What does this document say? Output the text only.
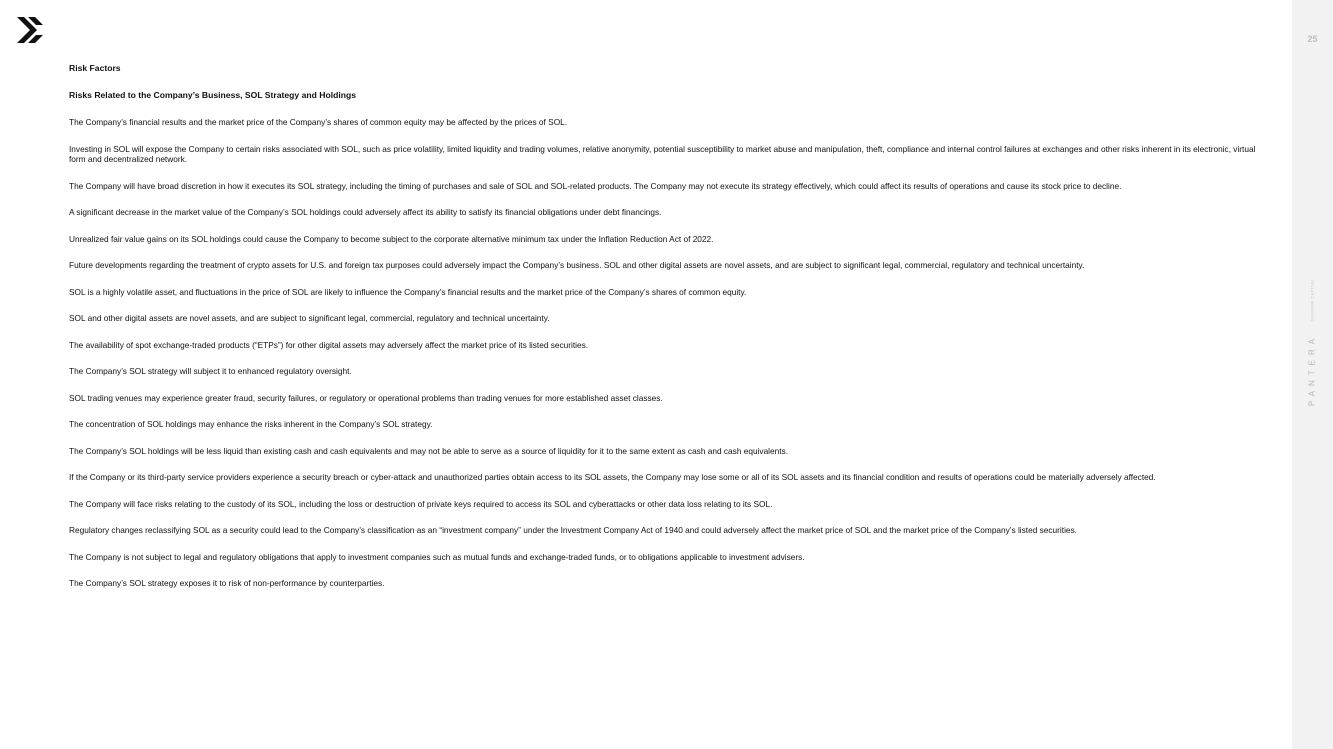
25
SUMMER CAPITAL
PANTERA

Risk Factors

Risks Related to the Company’s Business, SOL Strategy and Holdings

The Company’s financial results and the market price of the Company’s shares of common equity may be affected by the prices of SOL.

Investing in SOL will expose the Company to certain risks associated with SOL, such as price volatility, limited liquidity and trading volumes, relative anonymity, potential susceptibility to market abuse and manipulation, theft, compliance and internal control failures at exchanges and other risks inherent in its electronic, virtual form and decentralized network.

The Company will have broad discretion in how it executes its SOL strategy, including the timing of purchases and sale of SOL and SOL-related products. The Company may not execute its strategy effectively, which could affect its results of operations and cause its stock price to decline.

A significant decrease in the market value of the Company’s SOL holdings could adversely affect its ability to satisfy its financial obligations under debt financings.

Unrealized fair value gains on its SOL holdings could cause the Company to become subject to the corporate alternative minimum tax under the Inflation Reduction Act of 2022.

Future developments regarding the treatment of crypto assets for U.S. and foreign tax purposes could adversely impact the Company’s business. SOL and other digital assets are novel assets, and are subject to significant legal, commercial, regulatory and technical uncertainty.

SOL is a highly volatile asset, and fluctuations in the price of SOL are likely to influence the Company’s financial results and the market price of the Company’s shares of common equity.

SOL and other digital assets are novel assets, and are subject to significant legal, commercial, regulatory and technical uncertainty.

The availability of spot exchange-traded products (“ETPs”) for other digital assets may adversely affect the market price of its listed securities.

The Company’s SOL strategy will subject it to enhanced regulatory oversight.

SOL trading venues may experience greater fraud, security failures, or regulatory or operational problems than trading venues for more established asset classes.

The concentration of SOL holdings may enhance the risks inherent in the Company’s SOL strategy.

The Company’s SOL holdings will be less liquid than existing cash and cash equivalents and may not be able to serve as a source of liquidity for it to the same extent as cash and cash equivalents.

If the Company or its third-party service providers experience a security breach or cyber-attack and unauthorized parties obtain access to its SOL assets, the Company may lose some or all of its SOL assets and its financial condition and results of operations could be materially adversely affected.

The Company will face risks relating to the custody of its SOL, including the loss or destruction of private keys required to access its SOL and cyberattacks or other data loss relating to its SOL.

Regulatory changes reclassifying SOL as a security could lead to the Company’s classification as an “investment company” under the Investment Company Act of 1940 and could adversely affect the market price of SOL and the market price of the Company’s listed securities.

The Company is not subject to legal and regulatory obligations that apply to investment companies such as mutual funds and exchange-traded funds, or to obligations applicable to investment advisers.

The Company’s SOL strategy exposes it to risk of non-performance by counterparties.
